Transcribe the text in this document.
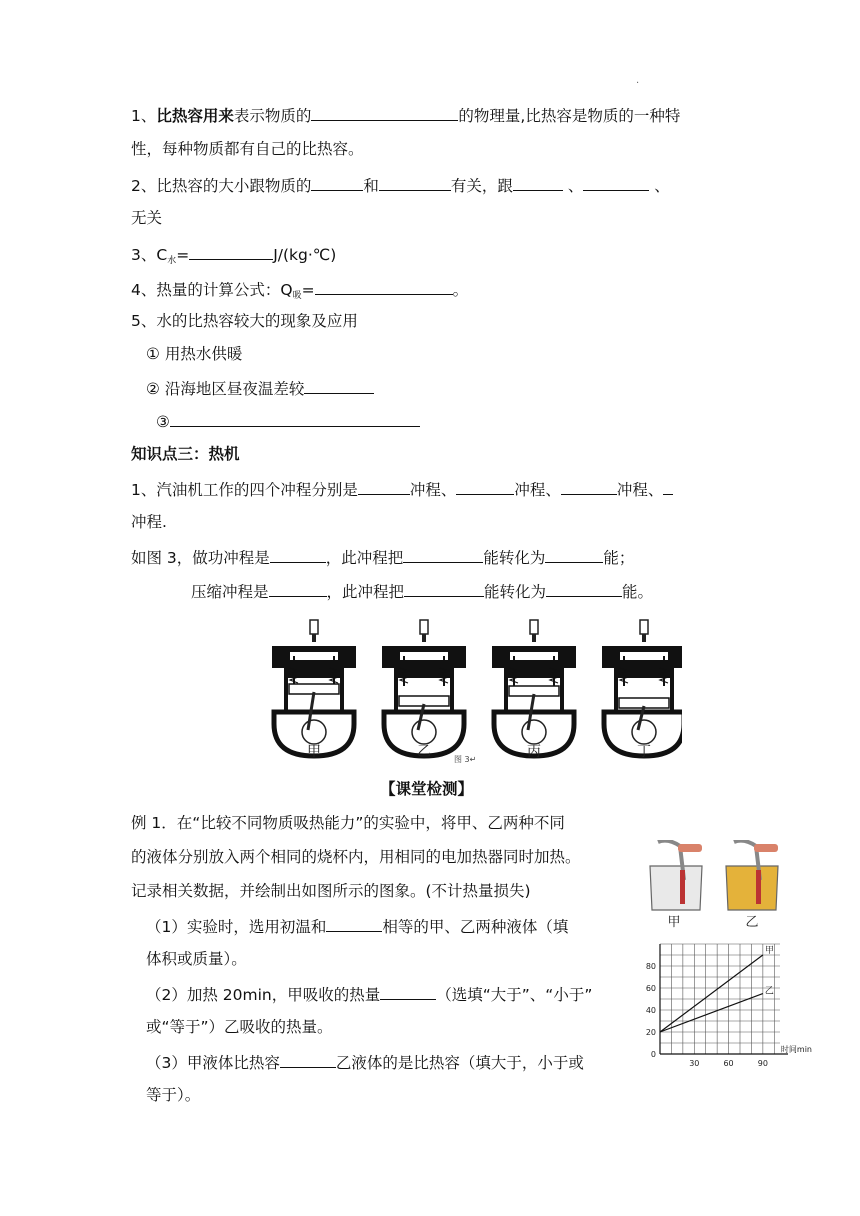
.
1、比热容用来表示物质的	的物理量,比热容是物质的一种特
性，每种物质都有自己的比热容。
2、比热容的大小跟物质的	和	有关，跟	、	、
无关
3、$C_水=$	J/(kg·℃)
4、热量的计算公式：$Q_吸=$	。
5、水的比热容较大的现象及应用
① 用热水供暖
② 沿海地区昼夜温差较
③
知识点三：热机
1、汽油机工作的四个冲程分别是	冲程、	冲程、	冲程、
冲程.
如图 3，做功冲程是	，此冲程把	能转化为	能；
压缩冲程是	，此冲程把	能转化为	能。
甲	乙	丙	丁
图 3↵
【课堂检测】
例 1．在“比较不同物质吸热能力”的实验中，将甲、乙两种不同
的液体分别放入两个相同的烧杯内，用相同的电加热器同时加热。
记录相关数据，并绘制出如图所示的图象。(不计热量损失)
（1）实验时，选用初温和	相等的甲、乙两种液体（填
体积或质量）。
（2）加热 20min，甲吸收的热量	（选填“大于”、“小于”
或“等于”）乙吸收的热量。
（3）甲液体比热容	乙液体的是比热容（填大于，小于或
等于）。
甲	乙
0
20
40
60
80
30	60	90
时间min
甲
乙
